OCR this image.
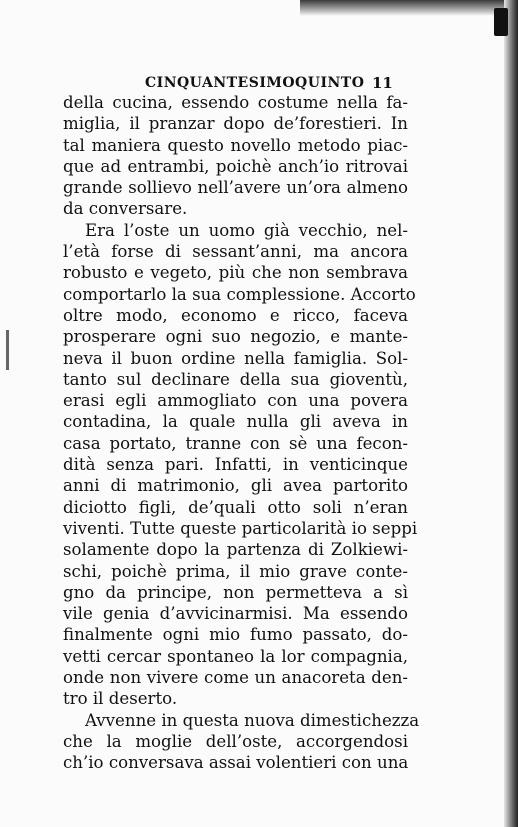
CINQUANTESIMOQUINTO 11
della cucina, essendo costume nella fa-
miglia, il pranzar dopo de’forestieri. In
tal maniera questo novello metodo piac-
que ad entrambi, poichè anch’io ritrovai
grande sollievo nell’avere un’ora almeno
da conversare.
Era l’oste un uomo già vecchio, nel-
l’età forse di sessant’anni, ma ancora
robusto e vegeto, più che non sembrava
comportarlo la sua complessione. Accorto
oltre modo, economo e ricco, faceva
prosperare ogni suo negozio, e mante-
neva il buon ordine nella famiglia. Sol-
tanto sul declinare della sua gioventù,
erasi egli ammogliato con una povera
contadina, la quale nulla gli aveva in
casa portato, tranne con sè una fecon-
dità senza pari. Infatti, in venticinque
anni di matrimonio, gli avea partorito
diciotto figli, de’quali otto soli n’eran
viventi. Tutte queste particolarità io seppi
solamente dopo la partenza di Zolkiewi-
schi, poichè prima, il mio grave conte-
gno da principe, non permetteva a sì
vile genia d’avvicinarmisi. Ma essendo
finalmente ogni mio fumo passato, do-
vetti cercar spontaneo la lor compagnia,
onde non vivere come un anacoreta den-
tro il deserto.
Avvenne in questa nuova dimestichezza
che la moglie dell’oste, accorgendosi
ch’io conversava assai volentieri con una
